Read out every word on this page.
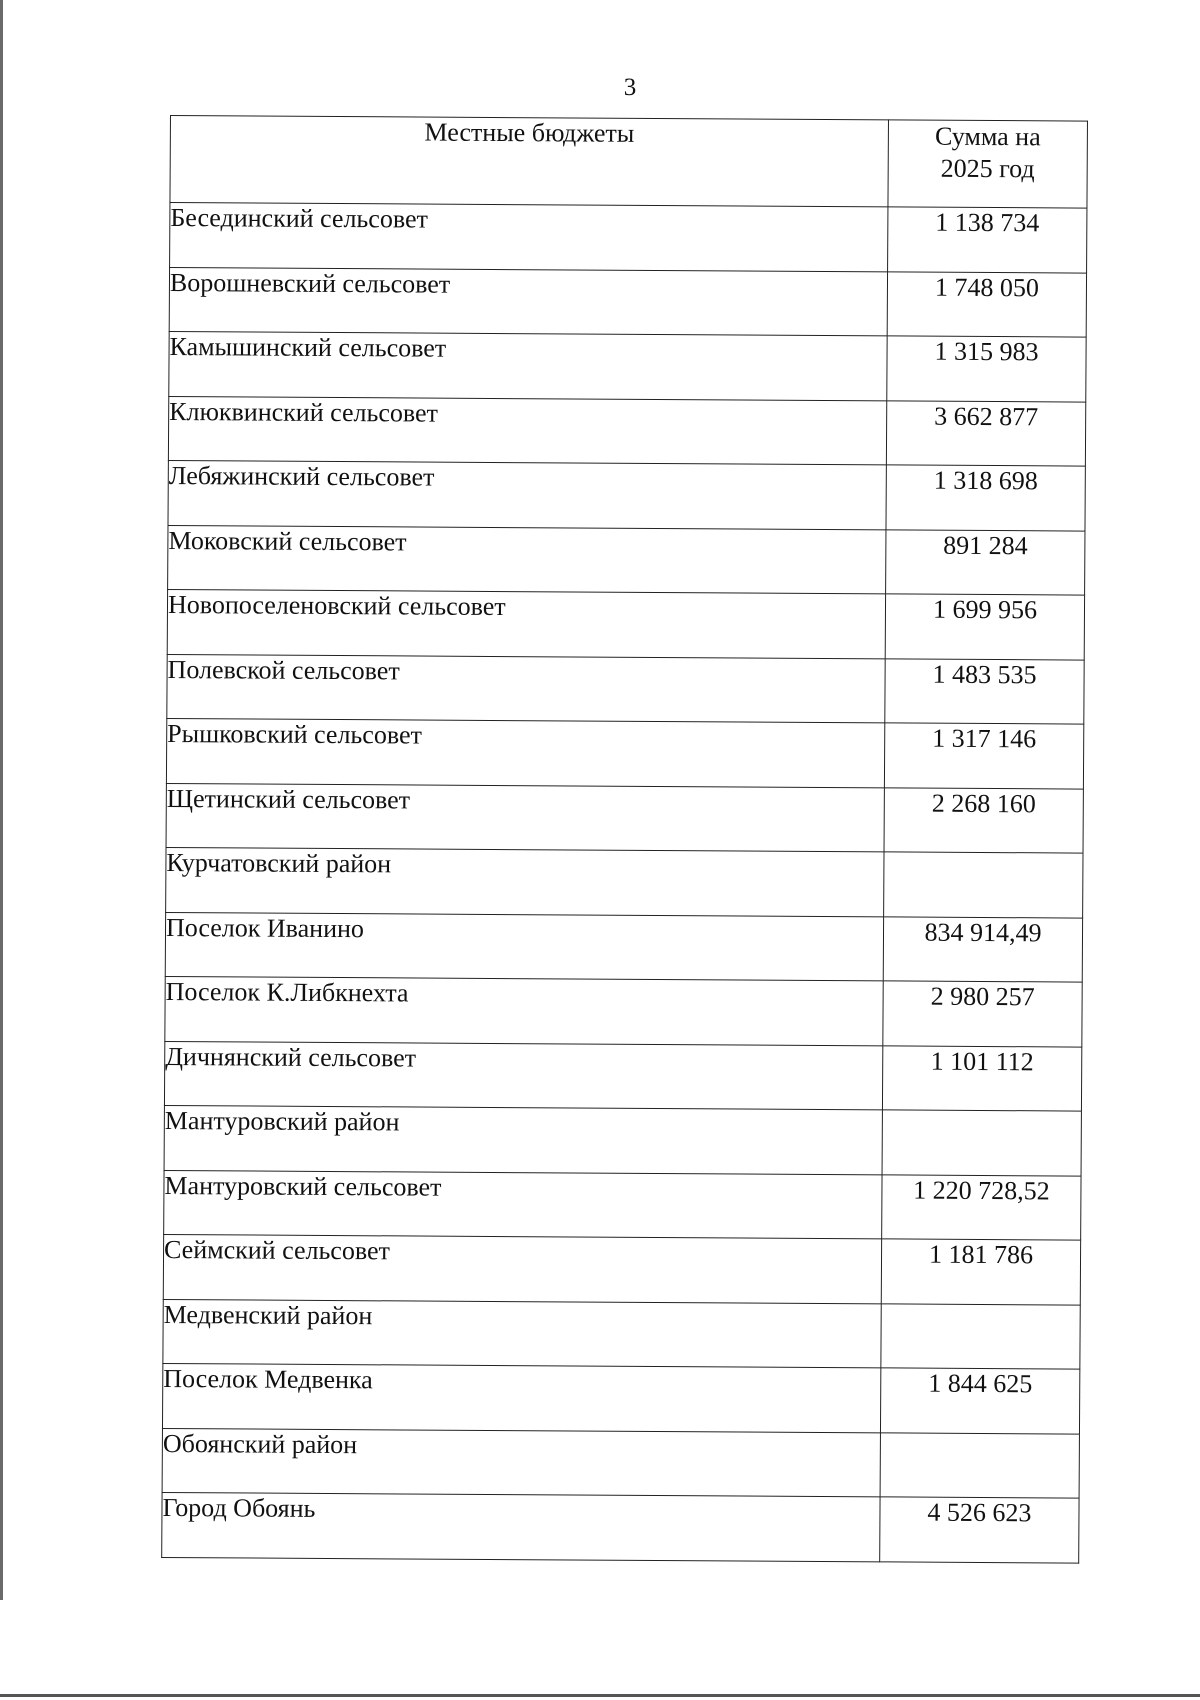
3
Местные бюджеты	Сумма на
2025 год
Бесединский сельсовет	1 138 734
Ворошневский сельсовет	1 748 050
Камышинский сельсовет	1 315 983
Клюквинский сельсовет	3 662 877
Лебяжинский сельсовет	1 318 698
Моковский сельсовет	891 284
Новопоселеновский сельсовет	1 699 956
Полевской сельсовет	1 483 535
Рышковский сельсовет	1 317 146
Щетинский сельсовет	2 268 160
Курчатовский район	
Поселок Иванино	834 914,49
Поселок К.Либкнехта	2 980 257
Дичнянский сельсовет	1 101 112
Мантуровский район	
Мантуровский сельсовет	1 220 728,52
Сеймский сельсовет	1 181 786
Медвенский район	
Поселок Медвенка	1 844 625
Обоянский район	
Город Обоянь	4 526 623
